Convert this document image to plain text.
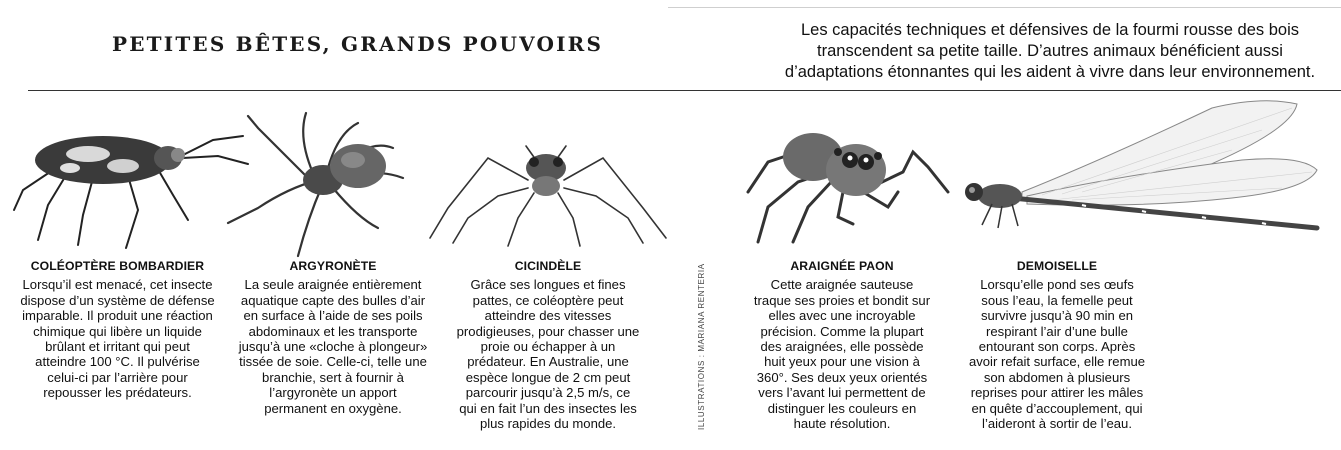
PETITES BÊTES, GRANDS POUVOIRS
Les capacités techniques et défensives de la fourmi rousse des bois transcendent sa petite taille. D’autres animaux bénéficient aussi d’adaptations étonnantes qui les aident à vivre dans leur environnement.
COLÉOPTÈRE BOMBARDIER

Lorsqu’il est menacé, cet insecte dispose d’un système de défense imparable. Il produit une réaction chimique qui libère un liquide brûlant et irritant qui peut atteindre 100 °C. Il pulvérise celui-ci par l’arrière pour repousser les prédateurs.

ARGYRONÈTE

La seule araignée entièrement aquatique capte des bulles d’air en surface à l’aide de ses poils abdominaux et les transporte jusqu’à une «cloche à plongeur» tissée de soie. Celle-ci, telle une branchie, sert à fournir à l’argyronète un apport permanent en oxygène.

CICINDÈLE

Grâce ses longues et fines pattes, ce coléoptère peut atteindre des vitesses prodigieuses, pour chasser une proie ou échapper à un prédateur. En Australie, une espèce longue de 2 cm peut parcourir jusqu’à 2,5 m/s, ce qui en fait l’un des insectes les plus rapides du monde.

ARAIGNÉE PAON

Cette araignée sauteuse traque ses proies et bondit sur elles avec une incroyable précision. Comme la plupart des araignées, elle possède huit yeux pour une vision à 360°. Ses deux yeux orientés vers l’avant lui permettent de distinguer les couleurs en haute résolution.

DEMOISELLE

Lorsqu’elle pond ses œufs sous l’eau, la femelle peut survivre jusqu’à 90 min en respirant l’air d’une bulle entourant son corps. Après avoir refait surface, elle remue son abdomen à plusieurs reprises pour attirer les mâles en quête d’accouplement, qui l’aideront à sortir de l’eau.

ILLUSTRATIONS : MARIANA RENTERIA
